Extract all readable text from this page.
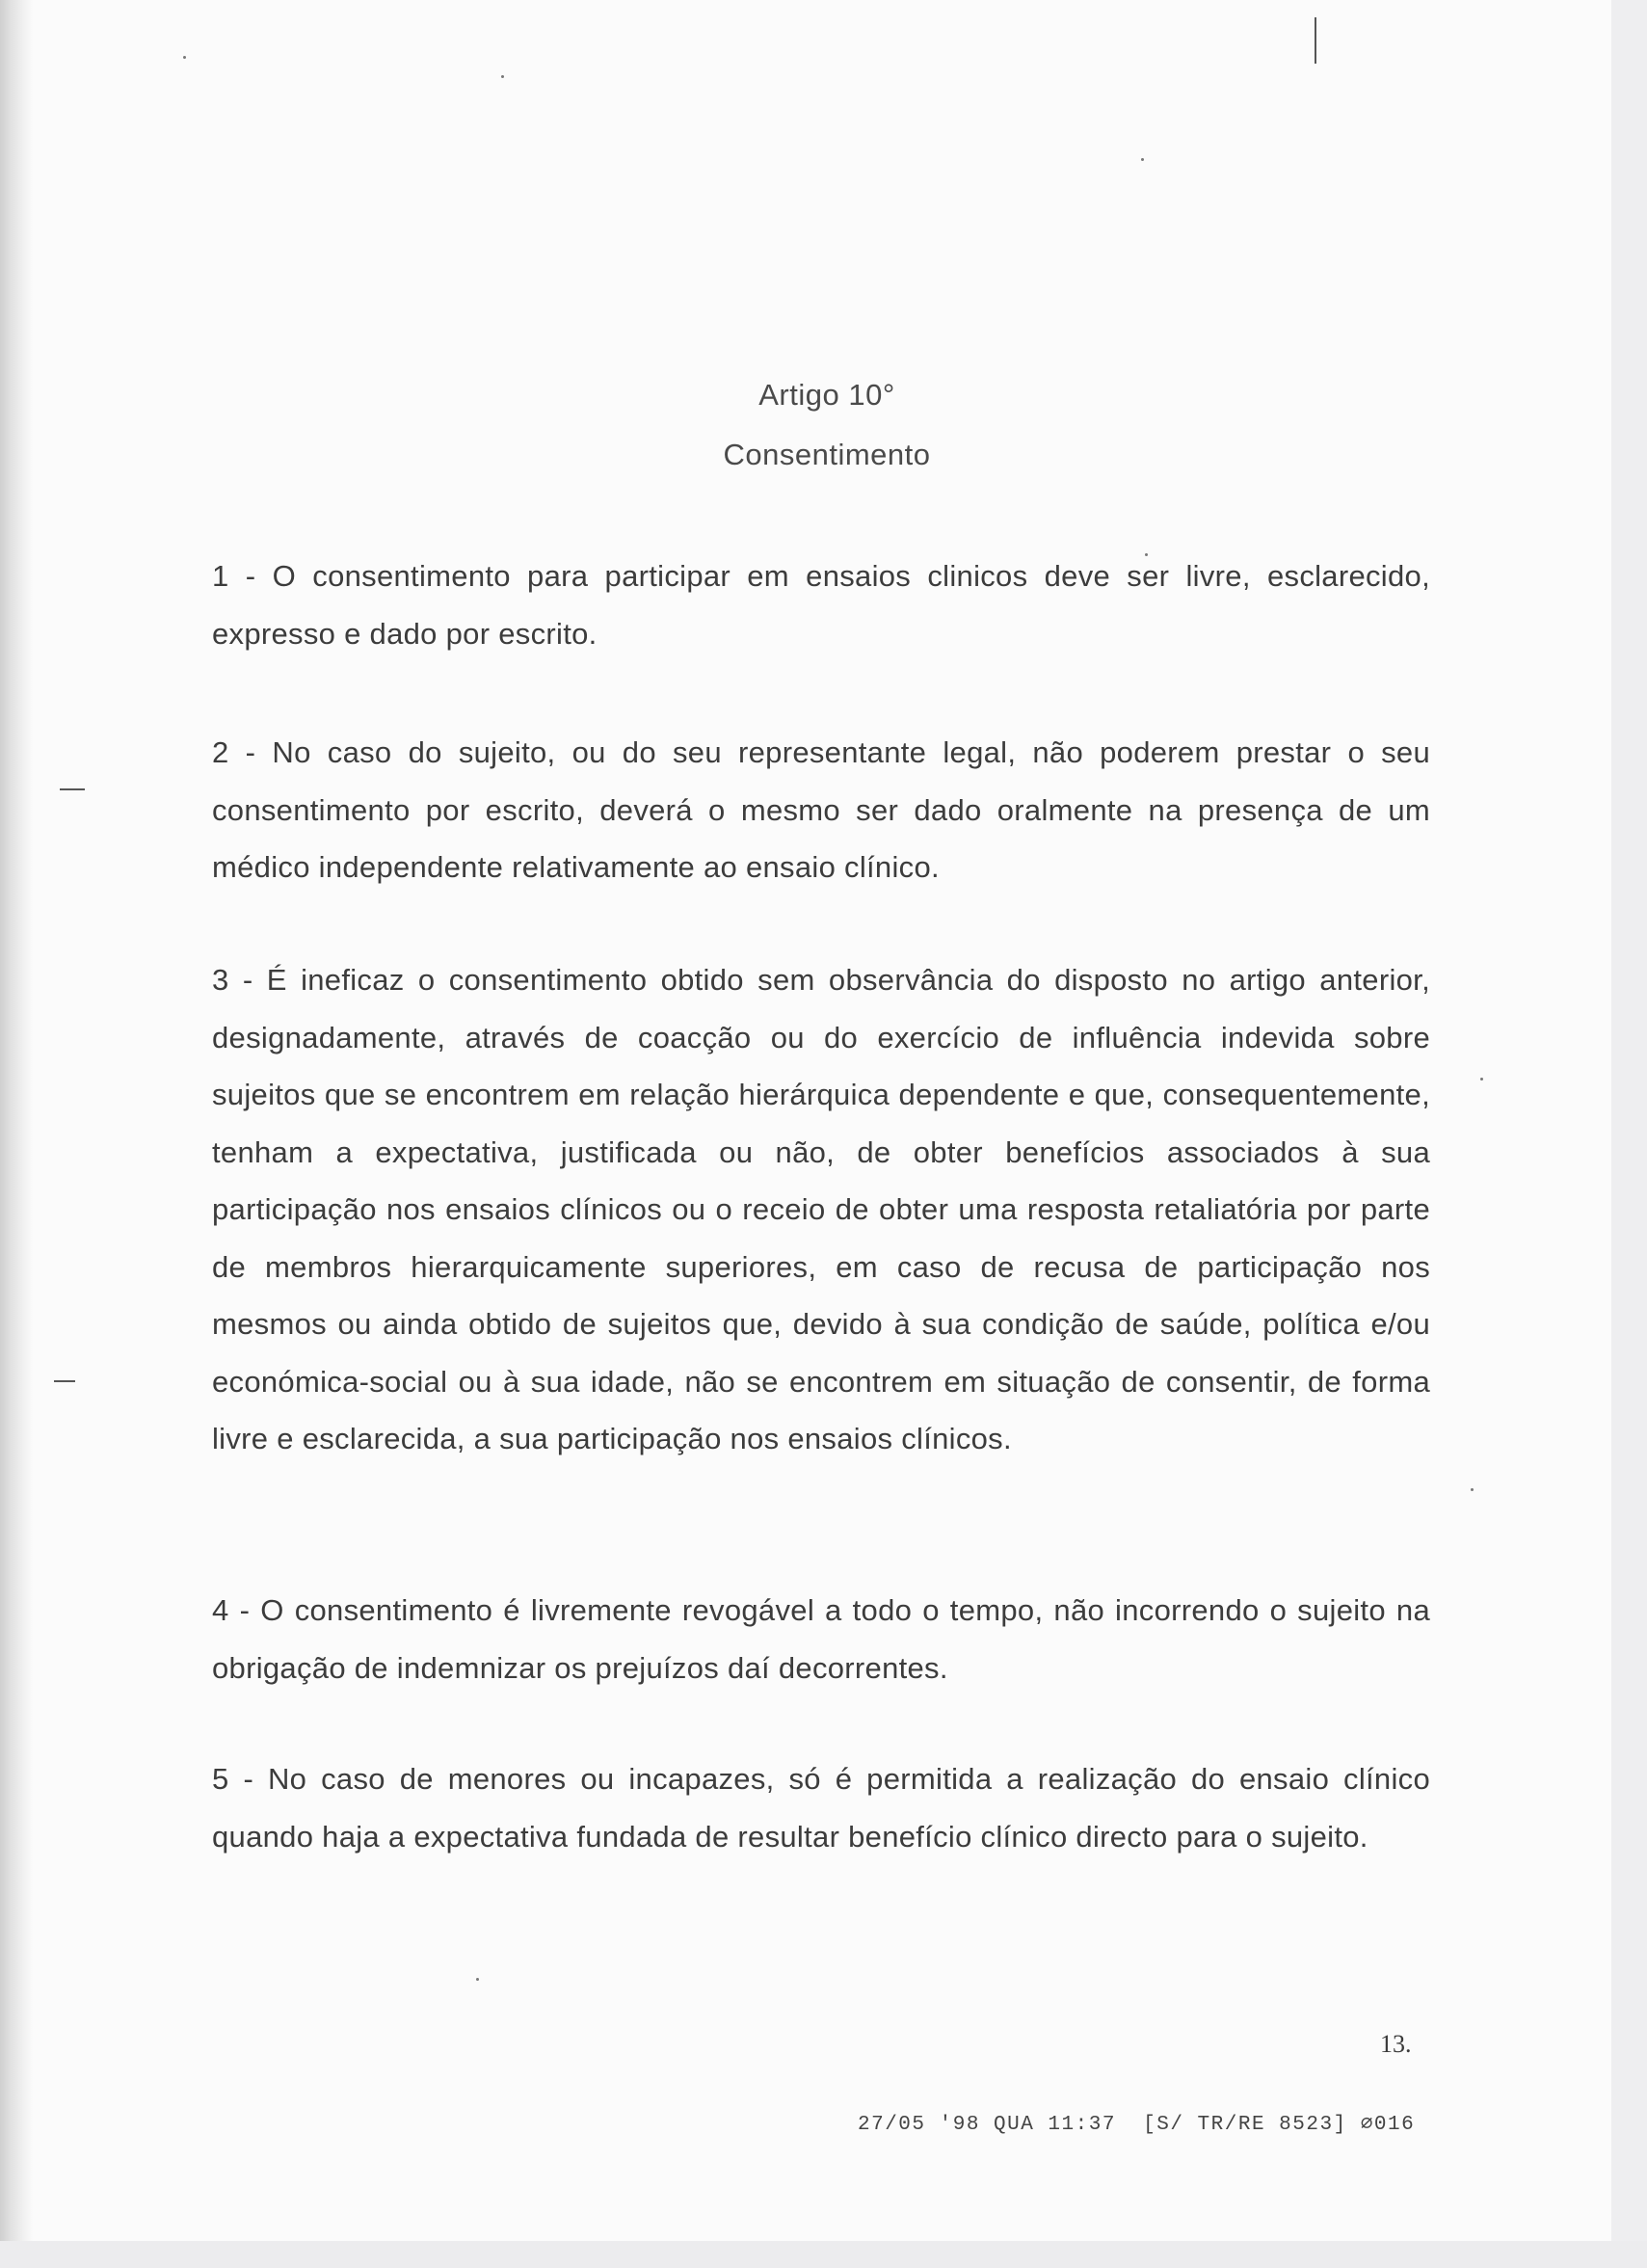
Artigo 10°
Consentimento

1 - O consentimento para participar em ensaios clinicos deve ser livre, esclarecido, expresso e dado por escrito.

2 - No caso do sujeito, ou do seu representante legal, não poderem prestar o seu consentimento por escrito, deverá o mesmo ser dado oralmente na presença de um médico independente relativamente ao ensaio clínico.

3 - É ineficaz o consentimento obtido sem observância do disposto no artigo anterior, designadamente, através de coacção ou do exercício de influência indevida sobre sujeitos que se encontrem em relação hierárquica dependente e que, consequentemente, tenham a expectativa, justificada ou não, de obter benefícios associados à sua participação nos ensaios clínicos ou o receio de obter uma resposta retaliatória por parte de membros hierarquicamente superiores, em caso de recusa de participação nos mesmos ou ainda obtido de sujeitos que, devido à sua condição de saúde, política e/ou económica-social ou à sua idade, não se encontrem em situação de consentir, de forma livre e esclarecida, a sua participação nos ensaios clínicos.

4 - O consentimento é livremente revogável a todo o tempo, não incorrendo o sujeito na obrigação de indemnizar os prejuízos daí decorrentes.

5 - No caso de menores ou incapazes, só é permitida a realização do ensaio clínico quando haja a expectativa fundada de resultar benefício clínico directo para o sujeito.

13.
27/05 '98 QUA 11:37  [S/ TR/RE 8523] ⌀016
